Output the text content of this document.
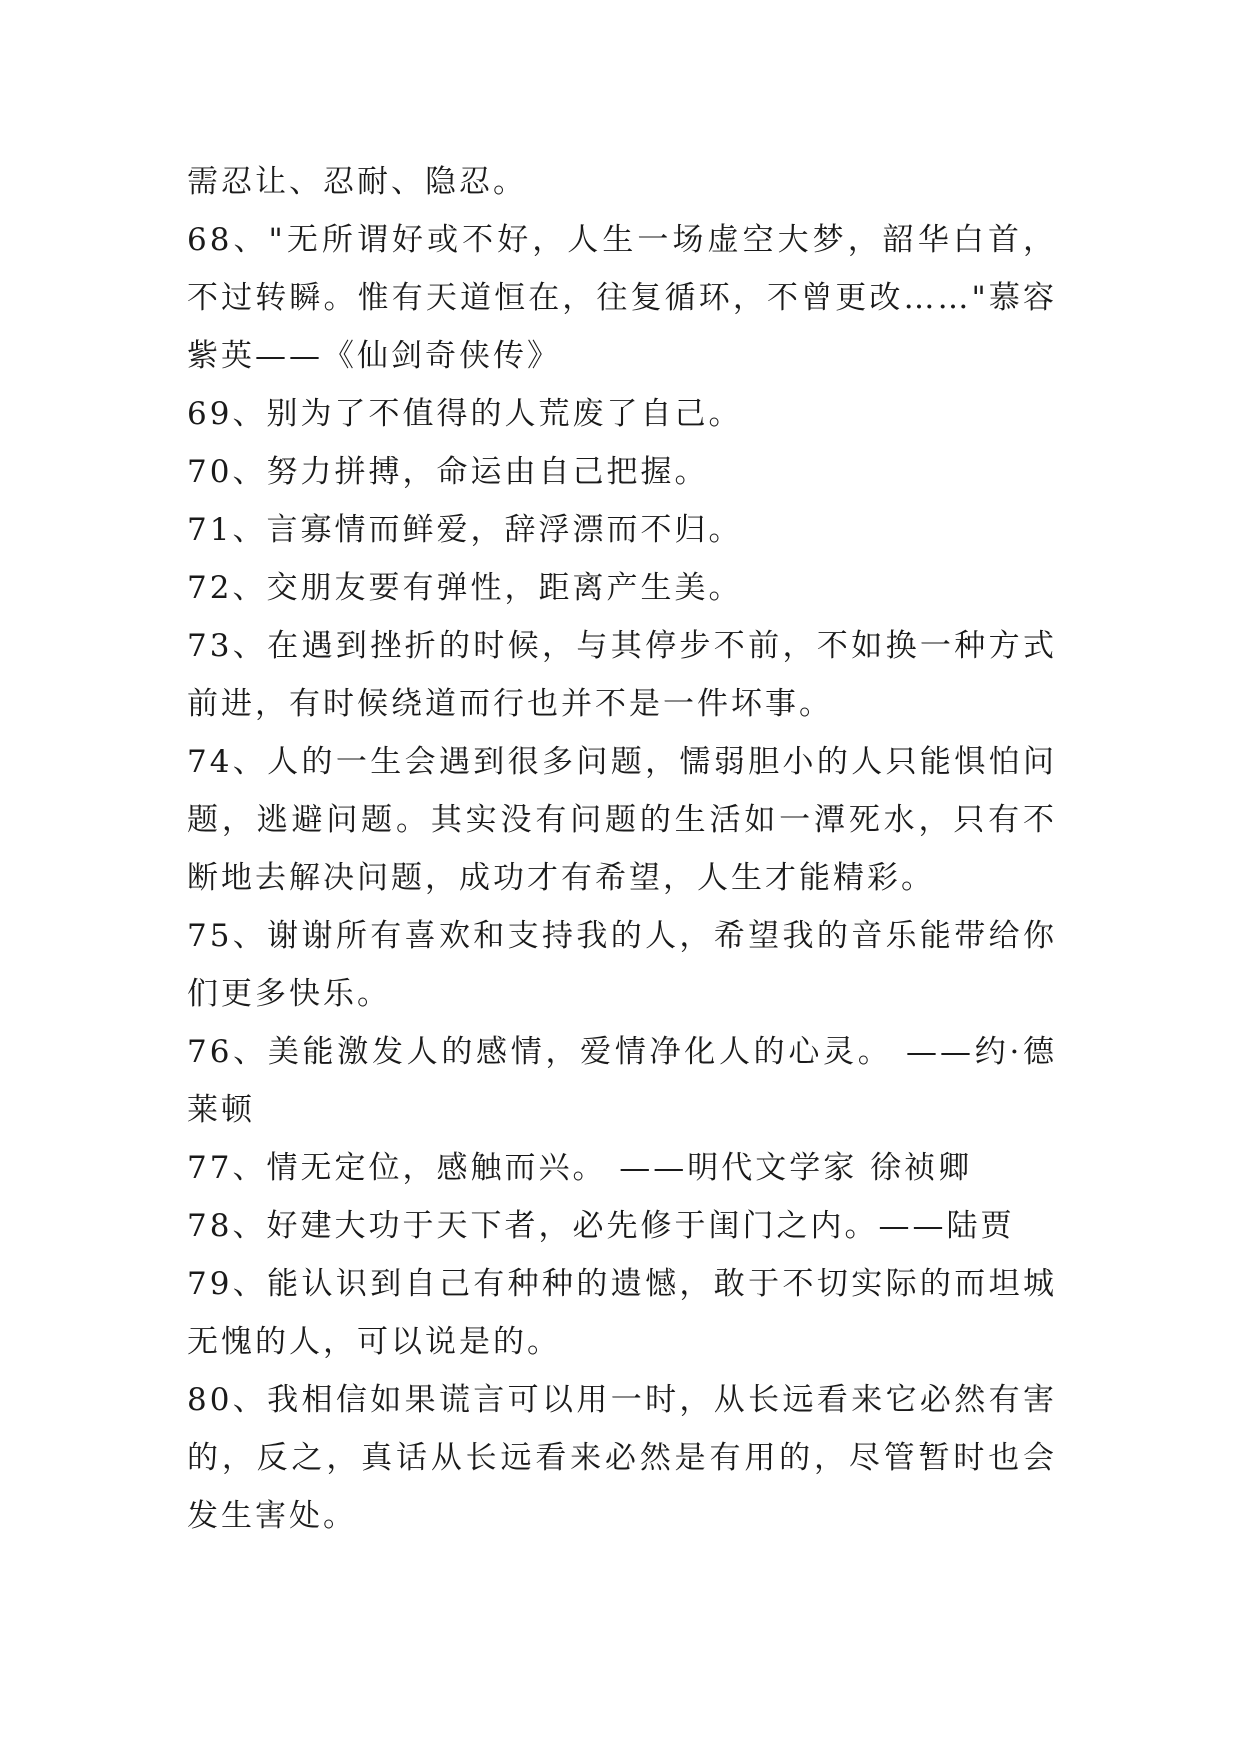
需忍让、忍耐、隐忍。

68、"无所谓好或不好，人生一场虚空大梦，韶华白首，不过转瞬。惟有天道恒在，往复循环，不曾更改……"慕容紫英——《仙剑奇侠传》

69、别为了不值得的人荒废了自己。

70、努力拼搏，命运由自己把握。

71、言寡情而鲜爱，辞浮漂而不归。

72、交朋友要有弹性，距离产生美。

73、在遇到挫折的时候，与其停步不前，不如换一种方式前进，有时候绕道而行也并不是一件坏事。

74、人的一生会遇到很多问题，懦弱胆小的人只能惧怕问题，逃避问题。其实没有问题的生活如一潭死水，只有不断地去解决问题，成功才有希望，人生才能精彩。

75、谢谢所有喜欢和支持我的人，希望我的音乐能带给你们更多快乐。

76、美能激发人的感情，爱情净化人的心灵。 ——约·德莱顿

77、情无定位，感触而兴。 ——明代文学家 徐祯卿

78、好建大功于天下者，必先修于闺门之内。——陆贾

79、能认识到自己有种种的遗憾，敢于不切实际的而坦城无愧的人，可以说是的。

80、我相信如果谎言可以用一时，从长远看来它必然有害的，反之，真话从长远看来必然是有用的，尽管暂时也会发生害处。
